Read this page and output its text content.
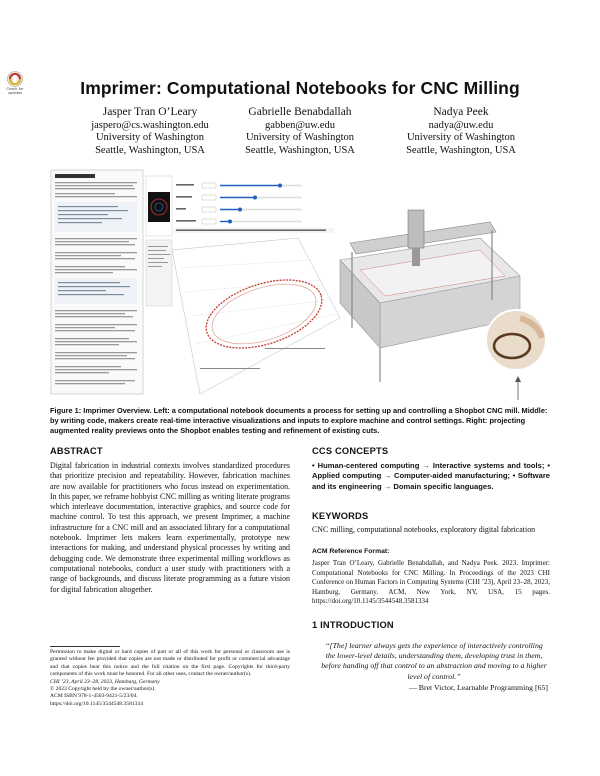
Check for updates	Imprimer: Computational Notebooks for CNC Milling
Jasper Tran O’Leary
jaspero@cs.washington.edu
University of Washington
Seattle, Washington, USA
Gabrielle Benabdallah
gabben@uw.edu
University of Washington
Seattle, Washington, USA
Nadya Peek
nadya@uw.edu
University of Washington
Seattle, Washington, USA
Figure 1: Imprimer Overview. Left: a computational notebook documents a process for setting up and controlling a Shopbot CNC mill. Middle: by writing code, makers create real-time interactive visualizations and inputs to explore machine and control settings. Right: projecting augmented reality previews onto the Shopbot enables testing and refinement of existing cuts.
ABSTRACT
Digital fabrication in industrial contexts involves standardized procedures that prioritize precision and repeatability. However, fabrication machines are now available for practitioners who focus instead on experimentation. In this paper, we reframe hobbyist CNC milling as writing literate programs which interleave documentation, interactive graphics, and source code for machine control. To test this approach, we present Imprimer, a machine infrastructure for a CNC mill and an associated library for a computational notebook. Imprimer lets makers learn experimentally, prototype new interactions for making, and understand physical processes by writing and debugging code. We demonstrate three experimental milling workflows as computational notebooks, conduct a user study with practitioners with a range of backgrounds, and discuss literate programming as a future vision for digital fabrication altogether.
Permission to make digital or hard copies of part or all of this work for personal or classroom use is granted without fee provided that copies are not made or distributed for profit or commercial advantage and that copies bear this notice and the full citation on the first page. Copyrights for third-party components of this work must be honored. For all other uses, contact the owner/author(s).
CHI ’23, April 23–28, 2023, Hamburg, Germany
© 2023 Copyright held by the owner/author(s).
ACM ISBN 978-1-4503-9421-5/23/04.
https://doi.org/10.1145/3544548.3581334
CCS CONCEPTS
• Human-centered computing → Interactive systems and tools; • Applied computing → Computer-aided manufacturing; • Software and its engineering → Domain specific languages.
KEYWORDS
CNC milling, computational notebooks, exploratory digital fabrication
ACM Reference Format:
Jasper Tran O’Leary, Gabrielle Benabdallah, and Nadya Peek. 2023. Imprimer: Computational Notebooks for CNC Milling. In Proceedings of the 2023 CHI Conference on Human Factors in Computing Systems (CHI ’23), April 23–28, 2023, Hamburg, Germany. ACM, New York, NY, USA, 15 pages. https://doi.org/10.1145/3544548.3581334
1 INTRODUCTION
“[The] learner always gets the experience of interactively controlling the lower-level details, understanding them, developing trust in them, before handing off that control to an abstraction and moving to a higher level of control.”
— Bret Victor, Learnable Programming [65]
